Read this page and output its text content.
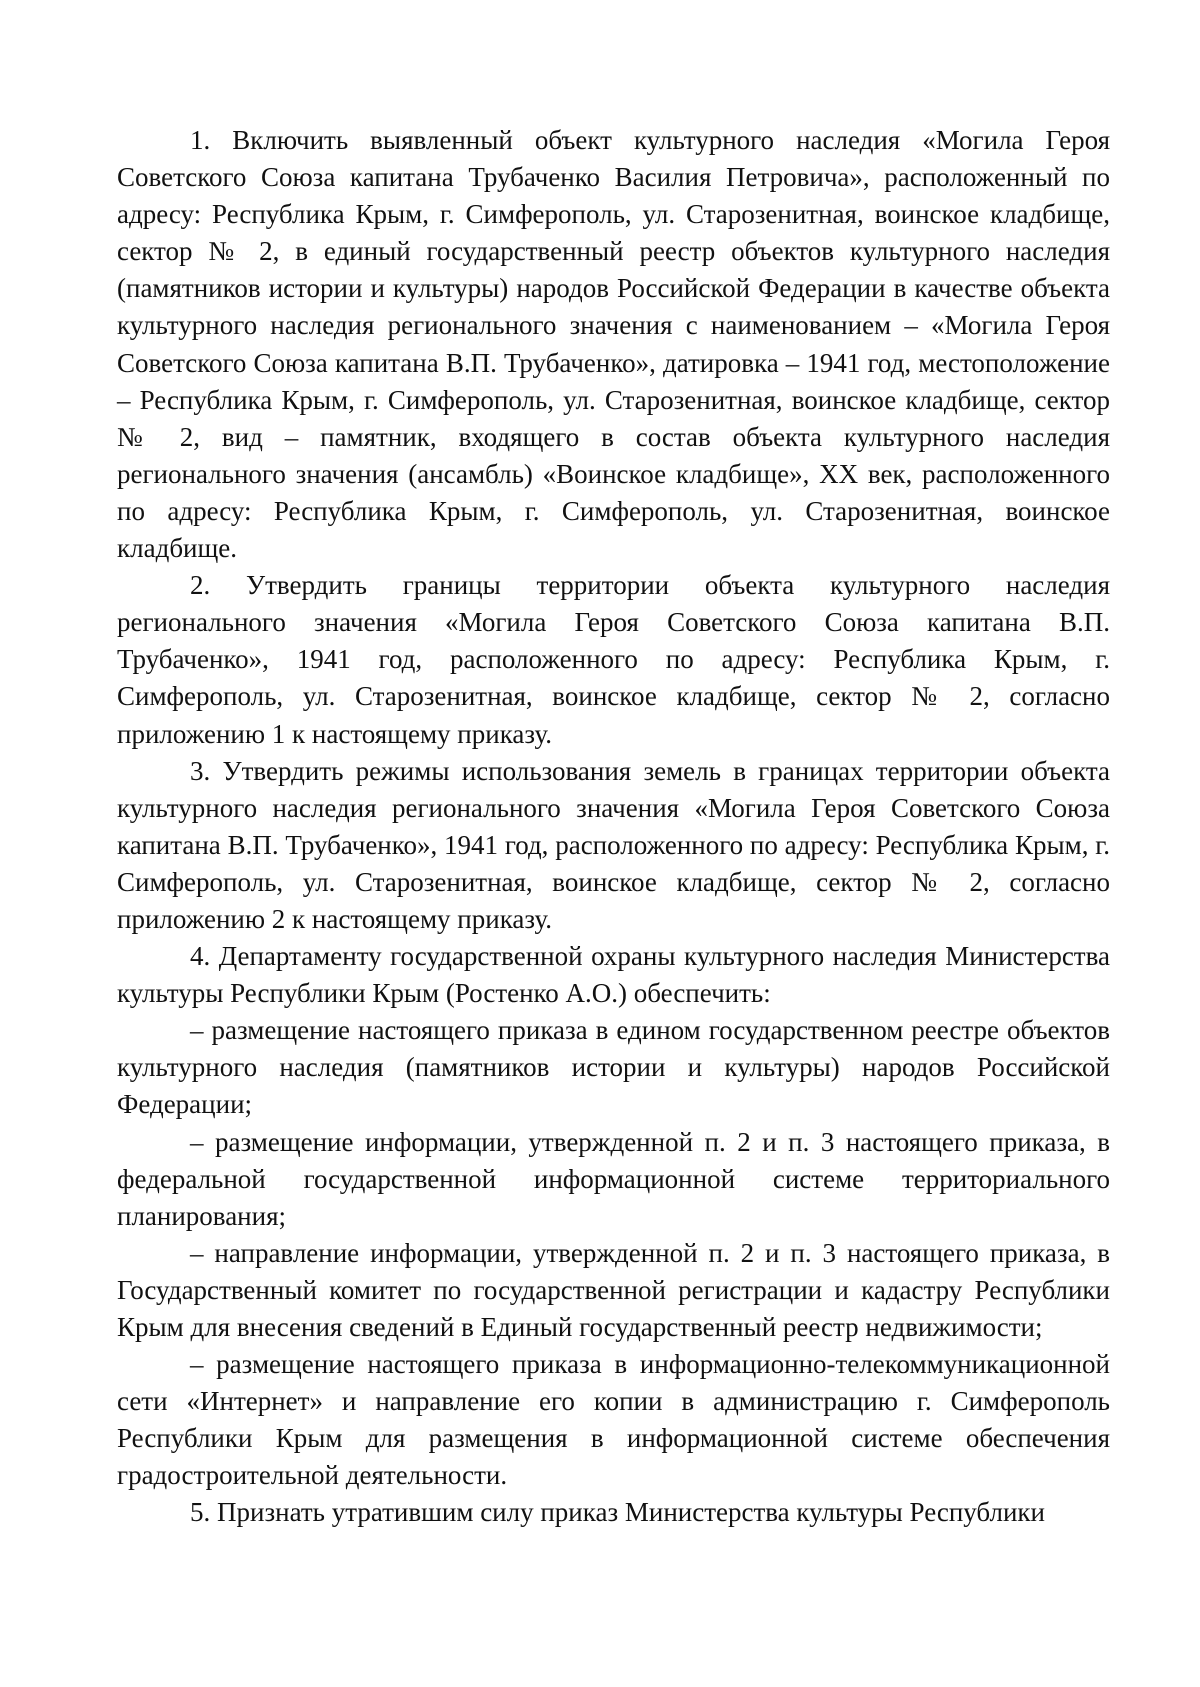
1. Включить выявленный объект культурного наследия «Могила Героя Советского Союза капитана Трубаченко Василия Петровича», расположенный по адресу: Республика Крым, г. Симферополь, ул. Старозенитная, воинское кладбище, сектор № 2, в единый государственный реестр объектов культурного наследия (памятников истории и культуры) народов Российской Федерации в качестве объекта культурного наследия регионального значения с наименованием – «Могила Героя Советского Союза капитана В.П. Трубаченко», датировка – 1941 год, местоположение – Республика Крым, г. Симферополь, ул. Старозенитная, воинское кладбище, сектор № 2, вид – памятник, входящего в состав объекта культурного наследия регионального значения (ансамбль) «Воинское кладбище», XX век, расположенного по адресу: Республика Крым, г. Симферополь, ул. Старозенитная, воинское кладбище.

2. Утвердить границы территории объекта культурного наследия регионального значения «Могила Героя Советского Союза капитана В.П. Трубаченко», 1941 год, расположенного по адресу: Республика Крым, г. Симферополь, ул. Старозенитная, воинское кладбище, сектор № 2, согласно приложению 1 к настоящему приказу.

3. Утвердить режимы использования земель в границах территории объекта культурного наследия регионального значения «Могила Героя Советского Союза капитана В.П. Трубаченко», 1941 год, расположенного по адресу: Республика Крым, г. Симферополь, ул. Старозенитная, воинское кладбище, сектор № 2, согласно приложению 2 к настоящему приказу.

4. Департаменту государственной охраны культурного наследия Министерства культуры Республики Крым (Ростенко А.О.) обеспечить:

– размещение настоящего приказа в едином государственном реестре объектов культурного наследия (памятников истории и культуры) народов Российской Федерации;

– размещение информации, утвержденной п. 2 и п. 3 настоящего приказа, в федеральной государственной информационной системе территориального планирования;

– направление информации, утвержденной п. 2 и п. 3 настоящего приказа, в Государственный комитет по государственной регистрации и кадастру Республики Крым для внесения сведений в Единый государственный реестр недвижимости;

– размещение настоящего приказа в информационно-телекоммуникационной сети «Интернет» и направление его копии в администрацию г. Симферополь Республики Крым для размещения в информационной системе обеспечения градостроительной деятельности.

5. Признать утратившим силу приказ Министерства культуры Республики
